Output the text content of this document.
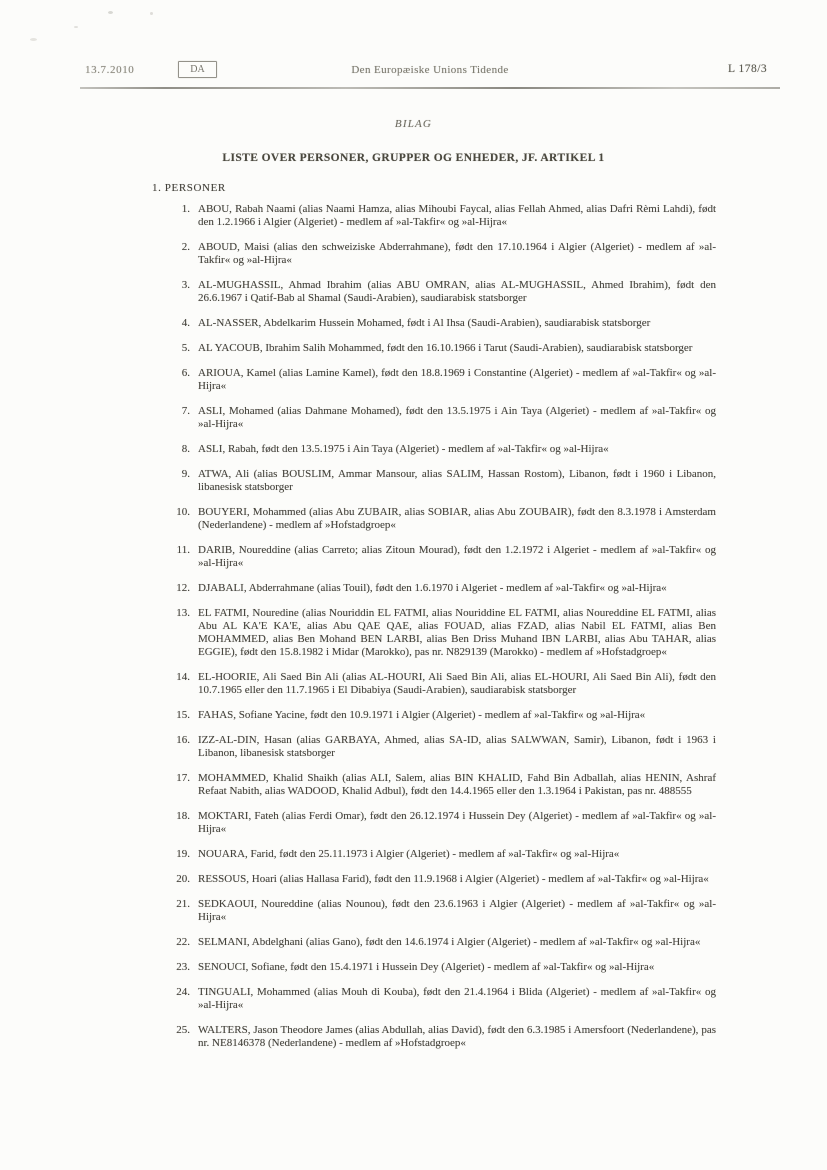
13.7.2010	DA	Den Europæiske Unions Tidende	L 178/3
BILAG
LISTE OVER PERSONER, GRUPPER OG ENHEDER, JF. ARTIKEL 1
1. PERSONER
1. ABOU, Rabah Naami (alias Naami Hamza, alias Mihoubi Faycal, alias Fellah Ahmed, alias Dafri Rèmi Lahdi), født den 1.2.1966 i Algier (Algeriet) - medlem af »al-Takfir« og »al-Hijra«
2. ABOUD, Maisi (alias den schweiziske Abderrahmane), født den 17.10.1964 i Algier (Algeriet) - medlem af »al-Takfir« og »al-Hijra«
3. AL-MUGHASSIL, Ahmad Ibrahim (alias ABU OMRAN, alias AL-MUGHASSIL, Ahmed Ibrahim), født den 26.6.1967 i Qatif-Bab al Shamal (Saudi-Arabien), saudiarabisk statsborger
4. AL-NASSER, Abdelkarim Hussein Mohamed, født i Al Ihsa (Saudi-Arabien), saudiarabisk statsborger
5. AL YACOUB, Ibrahim Salih Mohammed, født den 16.10.1966 i Tarut (Saudi-Arabien), saudiarabisk statsborger
6. ARIOUA, Kamel (alias Lamine Kamel), født den 18.8.1969 i Constantine (Algeriet) - medlem af »al-Takfir« og »al-Hijra«
7. ASLI, Mohamed (alias Dahmane Mohamed), født den 13.5.1975 i Ain Taya (Algeriet) - medlem af »al-Takfir« og »al-Hijra«
8. ASLI, Rabah, født den 13.5.1975 i Ain Taya (Algeriet) - medlem af »al-Takfir« og »al-Hijra«
9. ATWA, Ali (alias BOUSLIM, Ammar Mansour, alias SALIM, Hassan Rostom), Libanon, født i 1960 i Libanon, libanesisk statsborger
10. BOUYERI, Mohammed (alias Abu ZUBAIR, alias SOBIAR, alias Abu ZOUBAIR), født den 8.3.1978 i Amsterdam (Nederlandene) - medlem af »Hofstadgroep«
11. DARIB, Noureddine (alias Carreto; alias Zitoun Mourad), født den 1.2.1972 i Algeriet - medlem af »al-Takfir« og »al-Hijra«
12. DJABALI, Abderrahmane (alias Touil), født den 1.6.1970 i Algeriet - medlem af »al-Takfir« og »al-Hijra«
13. EL FATMI, Nouredine (alias Nouriddin EL FATMI, alias Nouriddine EL FATMI, alias Noureddine EL FATMI, alias Abu AL KA'E KA'E, alias Abu QAE QAE, alias FOUAD, alias FZAD, alias Nabil EL FATMI, alias Ben MOHAMMED, alias Ben Mohand BEN LARBI, alias Ben Driss Muhand IBN LARBI, alias Abu TAHAR, alias EGGIE), født den 15.8.1982 i Midar (Marokko), pas nr. N829139 (Marokko) - medlem af »Hofstadgroep«
14. EL-HOORIE, Ali Saed Bin Ali (alias AL-HOURI, Ali Saed Bin Ali, alias EL-HOURI, Ali Saed Bin Ali), født den 10.7.1965 eller den 11.7.1965 i El Dibabiya (Saudi-Arabien), saudiarabisk statsborger
15. FAHAS, Sofiane Yacine, født den 10.9.1971 i Algier (Algeriet) - medlem af »al-Takfir« og »al-Hijra«
16. IZZ-AL-DIN, Hasan (alias GARBAYA, Ahmed, alias SA-ID, alias SALWWAN, Samir), Libanon, født i 1963 i Libanon, libanesisk statsborger
17. MOHAMMED, Khalid Shaikh (alias ALI, Salem, alias BIN KHALID, Fahd Bin Adballah, alias HENIN, Ashraf Refaat Nabith, alias WADOOD, Khalid Adbul), født den 14.4.1965 eller den 1.3.1964 i Pakistan, pas nr. 488555
18. MOKTARI, Fateh (alias Ferdi Omar), født den 26.12.1974 i Hussein Dey (Algeriet) - medlem af »al-Takfir« og »al-Hijra«
19. NOUARA, Farid, født den 25.11.1973 i Algier (Algeriet) - medlem af »al-Takfir« og »al-Hijra«
20. RESSOUS, Hoari (alias Hallasa Farid), født den 11.9.1968 i Algier (Algeriet) - medlem af »al-Takfir« og »al-Hijra«
21. SEDKAOUI, Noureddine (alias Nounou), født den 23.6.1963 i Algier (Algeriet) - medlem af »al-Takfir« og »al-Hijra«
22. SELMANI, Abdelghani (alias Gano), født den 14.6.1974 i Algier (Algeriet) - medlem af »al-Takfir« og »al-Hijra«
23. SENOUCI, Sofiane, født den 15.4.1971 i Hussein Dey (Algeriet) - medlem af »al-Takfir« og »al-Hijra«
24. TINGUALI, Mohammed (alias Mouh di Kouba), født den 21.4.1964 i Blida (Algeriet) - medlem af »al-Takfir« og »al-Hijra«
25. WALTERS, Jason Theodore James (alias Abdullah, alias David), født den 6.3.1985 i Amersfoort (Nederlandene), pas nr. NE8146378 (Nederlandene) - medlem af »Hofstadgroep«
